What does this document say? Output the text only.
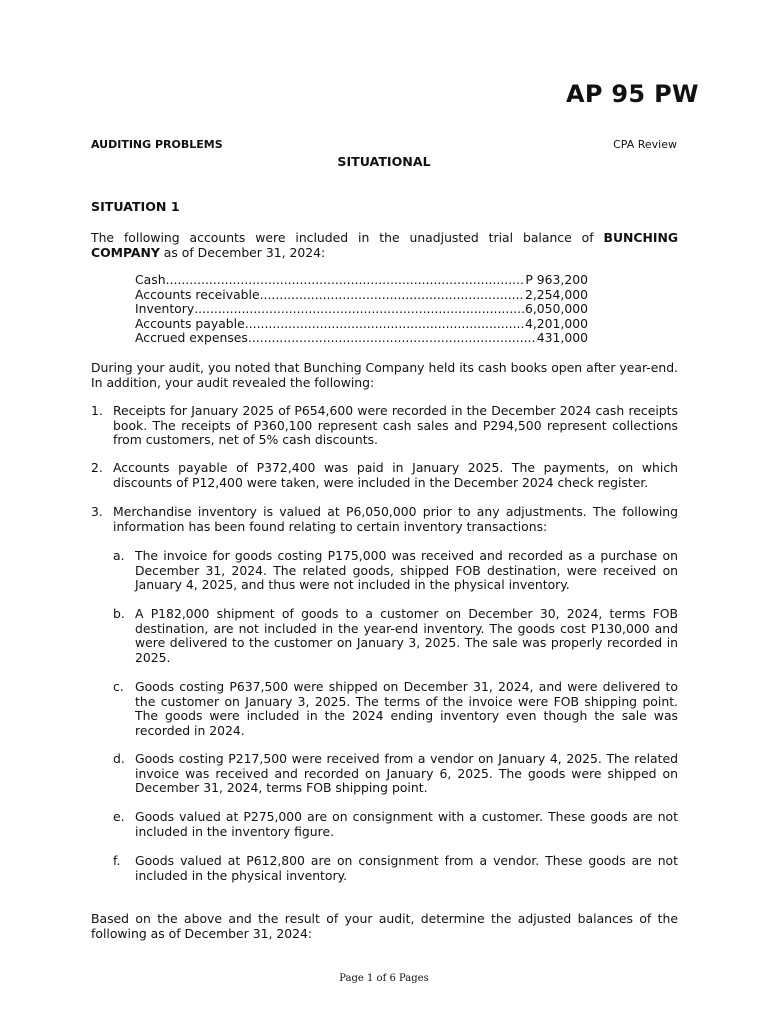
AP 95 PW
AUDITING PROBLEMS	CPA Review
SITUATIONAL
SITUATION 1
The following accounts were included in the unadjusted trial balance of BUNCHING COMPANY as of December 31, 2024:
Cash .....	P 963,200
Accounts receivable .....	2,254,000
Inventory .....	6,050,000
Accounts payable .....	4,201,000
Accrued expenses .....	431,000
During your audit, you noted that Bunching Company held its cash books open after year-end. In addition, your audit revealed the following:
1. Receipts for January 2025 of P654,600 were recorded in the December 2024 cash receipts book. The receipts of P360,100 represent cash sales and P294,500 represent collections from customers, net of 5% cash discounts.
2. Accounts payable of P372,400 was paid in January 2025. The payments, on which discounts of P12,400 were taken, were included in the December 2024 check register.
3. Merchandise inventory is valued at P6,050,000 prior to any adjustments. The following information has been found relating to certain inventory transactions:
a. The invoice for goods costing P175,000 was received and recorded as a purchase on December 31, 2024. The related goods, shipped FOB destination, were received on January 4, 2025, and thus were not included in the physical inventory.
b. A P182,000 shipment of goods to a customer on December 30, 2024, terms FOB destination, are not included in the year-end inventory. The goods cost P130,000 and were delivered to the customer on January 3, 2025. The sale was properly recorded in 2025.
c. Goods costing P637,500 were shipped on December 31, 2024, and were delivered to the customer on January 3, 2025. The terms of the invoice were FOB shipping point. The goods were included in the 2024 ending inventory even though the sale was recorded in 2024.
d. Goods costing P217,500 were received from a vendor on January 4, 2025. The related invoice was received and recorded on January 6, 2025. The goods were shipped on December 31, 2024, terms FOB shipping point.
e. Goods valued at P275,000 are on consignment with a customer. These goods are not included in the inventory figure.
f. Goods valued at P612,800 are on consignment from a vendor. These goods are not included in the physical inventory.
Based on the above and the result of your audit, determine the adjusted balances of the following as of December 31, 2024:
Page 1 of 6 Pages
